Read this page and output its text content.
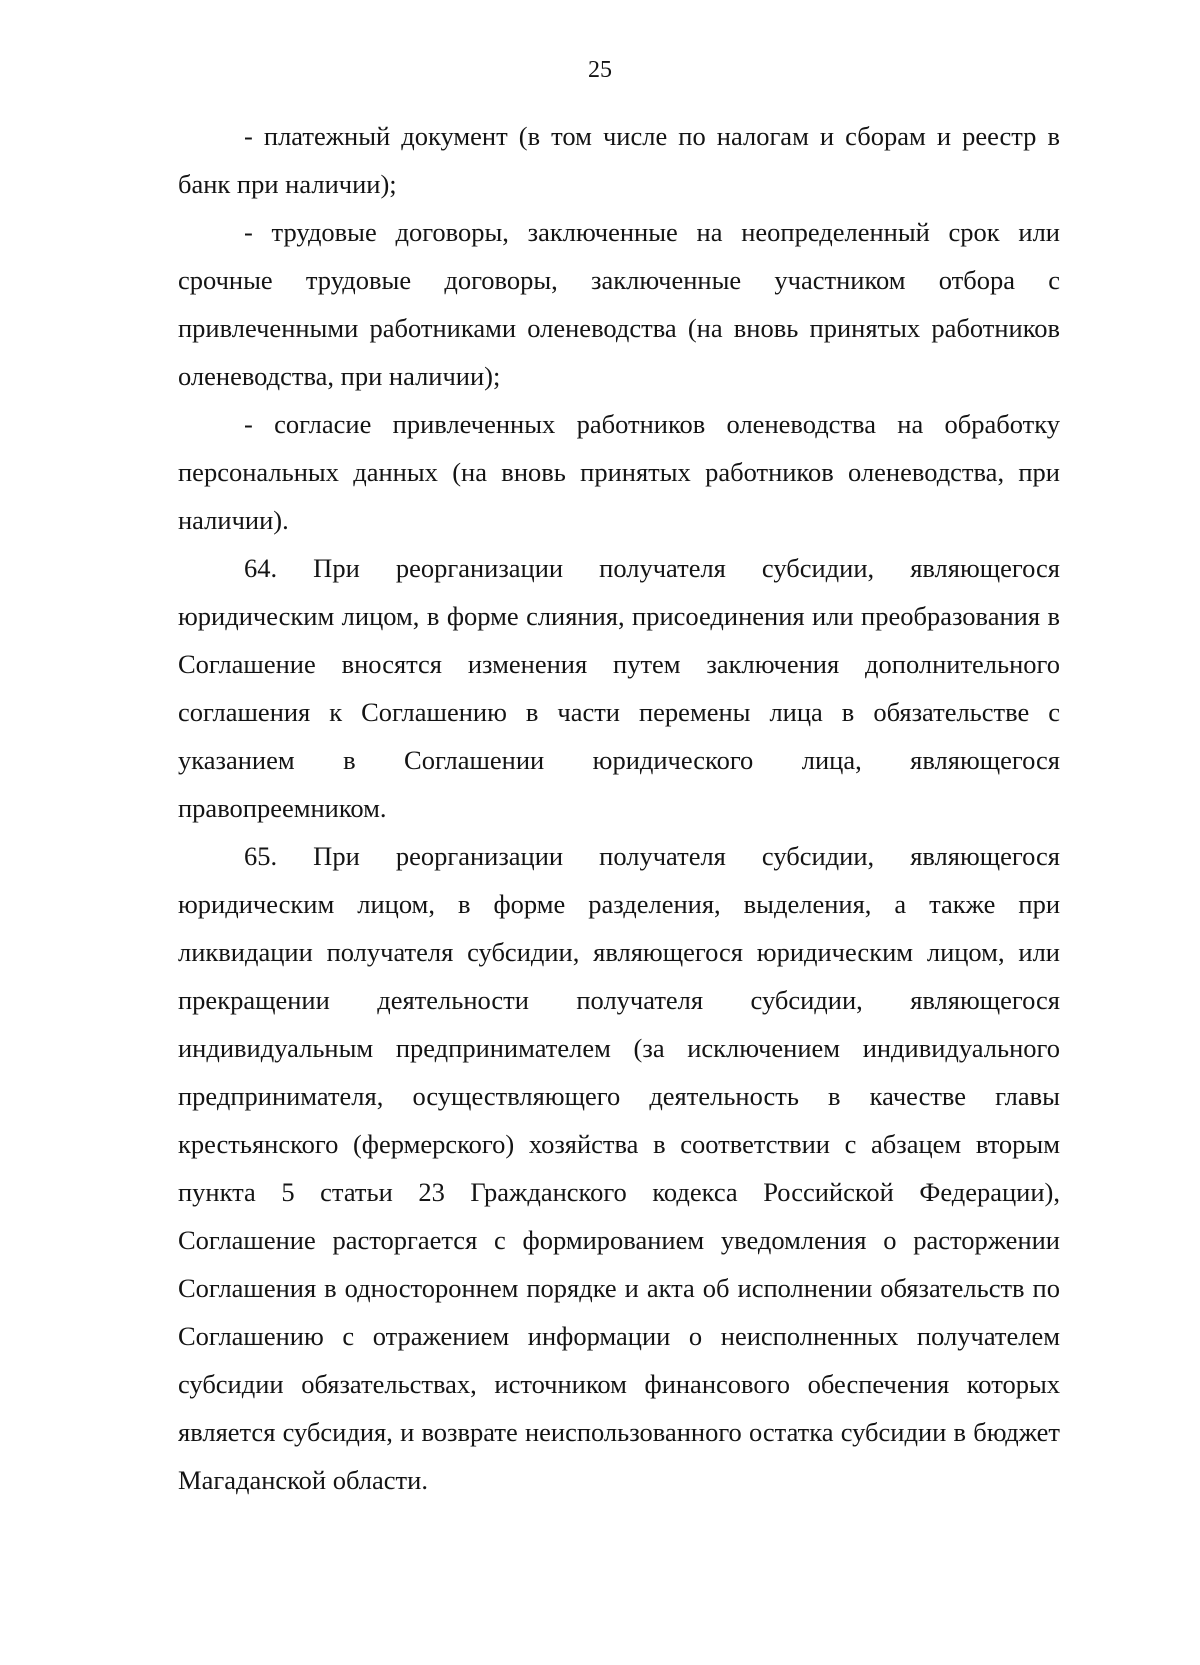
25

- платежный документ (в том числе по налогам и сборам и реестр в банк при наличии);

- трудовые договоры, заключенные на неопределенный срок или срочные трудовые договоры, заключенные участником отбора с привлеченными работниками оленеводства (на вновь принятых работников оленеводства, при наличии);

- согласие привлеченных работников оленеводства на обработку персональных данных (на вновь принятых работников оленеводства, при наличии).

64. При реорганизации получателя субсидии, являющегося юридическим лицом, в форме слияния, присоединения или преобразования в Соглашение вносятся изменения путем заключения дополнительного соглашения к Соглашению в части перемены лица в обязательстве с указанием в Соглашении юридического лица, являющегося правопреемником.

65. При реорганизации получателя субсидии, являющегося юридическим лицом, в форме разделения, выделения, а также при ликвидации получателя субсидии, являющегося юридическим лицом, или прекращении деятельности получателя субсидии, являющегося индивидуальным предпринимателем (за исключением индивидуального предпринимателя, осуществляющего деятельность в качестве главы крестьянского (фермерского) хозяйства в соответствии с абзацем вторым пункта 5 статьи 23 Гражданского кодекса Российской Федерации), Соглашение расторгается с формированием уведомления о расторжении Соглашения в одностороннем порядке и акта об исполнении обязательств по Соглашению с отражением информации о неисполненных получателем субсидии обязательствах, источником финансового обеспечения которых является субсидия, и возврате неиспользованного остатка субсидии в бюджет Магаданской области.
